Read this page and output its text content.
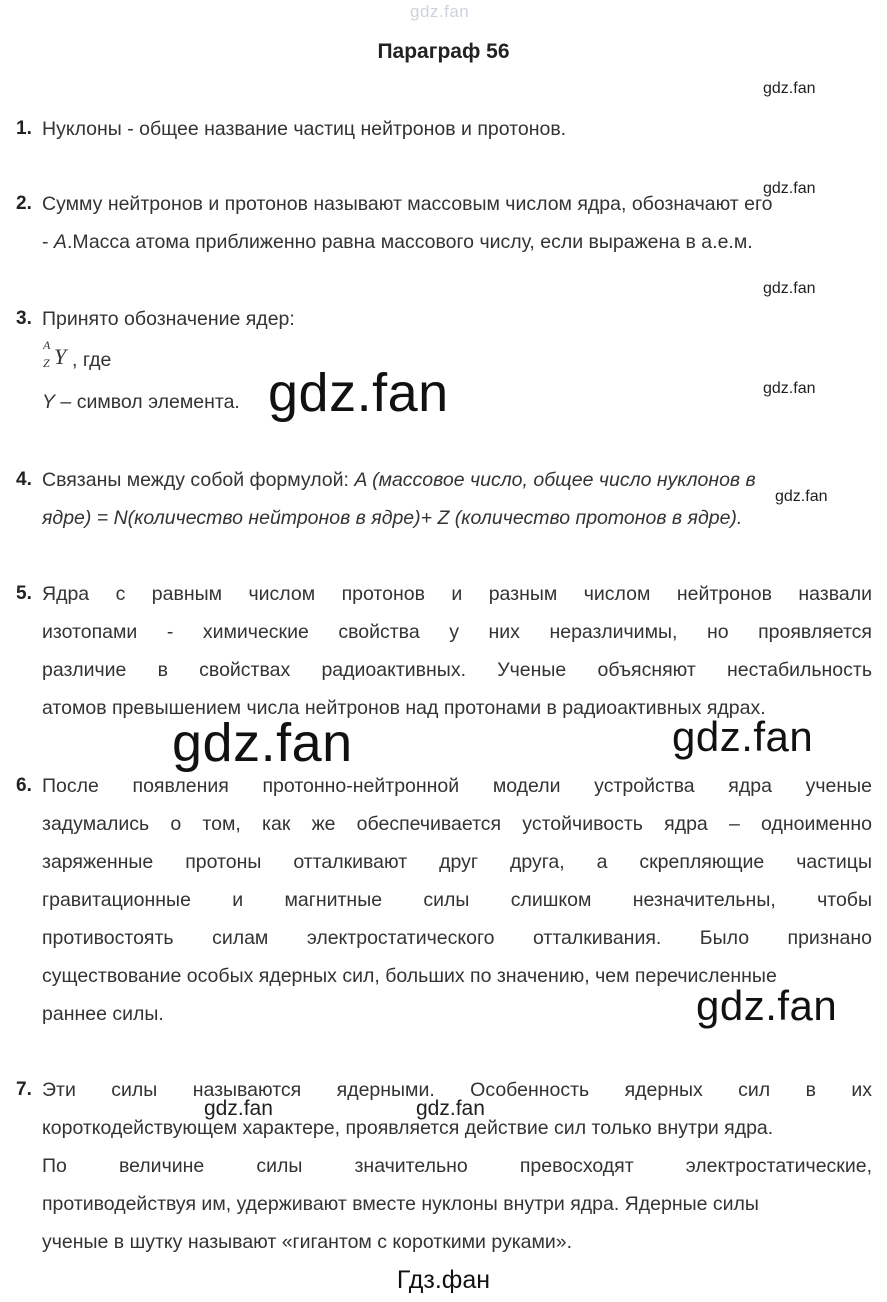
gdz.fan
Параграф 56
gdz.fan
gdz.fan
gdz.fan
gdz.fan
gdz.fan
1. Нуклоны - общее название частиц нейтронов и протонов.
2. Сумму нейтронов и протонов называют массовым числом ядра, обозначают его
- A.Масса атома приближенно равна массового числу, если выражена в а.е.м.
3. Принято обозначение ядер:
A
Z Y , где
Y – символ элемента. gdz.fan
4. Связаны между собой формулой: A (массовое число, общее число нуклонов в
ядре) = N(количество нейтронов в ядре)+ Z (количество протонов в ядре).
5. Ядра с равным числом протонов и разным числом нейтронов назвали
изотопами - химические свойства у них неразличимы, но проявляется
различие в свойствах радиоактивных. Ученые объясняют нестабильность
атомов превышением числа нейтронов над протонами в радиоактивных ядрах.
gdz.fan	gdz.fan
6. После появления протонно-нейтронной модели устройства ядра ученые
задумались о том, как же обеспечивается устойчивость ядра – одноименно
заряженные протоны отталкивают друг друга, а скрепляющие частицы
гравитационные и магнитные силы слишком незначительны, чтобы
противостоять силам электростатического отталкивания. Было признано
существование особых ядерных сил, больших по значению, чем перечисленные
раннее силы.	gdz.fan
7. Эти силы называются ядерными. Особенность ядерных сил в их
gdz.fan	gdz.fan
короткодействующем характере, проявляется действие сил только внутри ядра.
По величине силы значительно превосходят электростатические,
противодействуя им, удерживают вместе нуклоны внутри ядра. Ядерные силы
ученые в шутку называют «гигантом с короткими руками».
Гдз.фан
